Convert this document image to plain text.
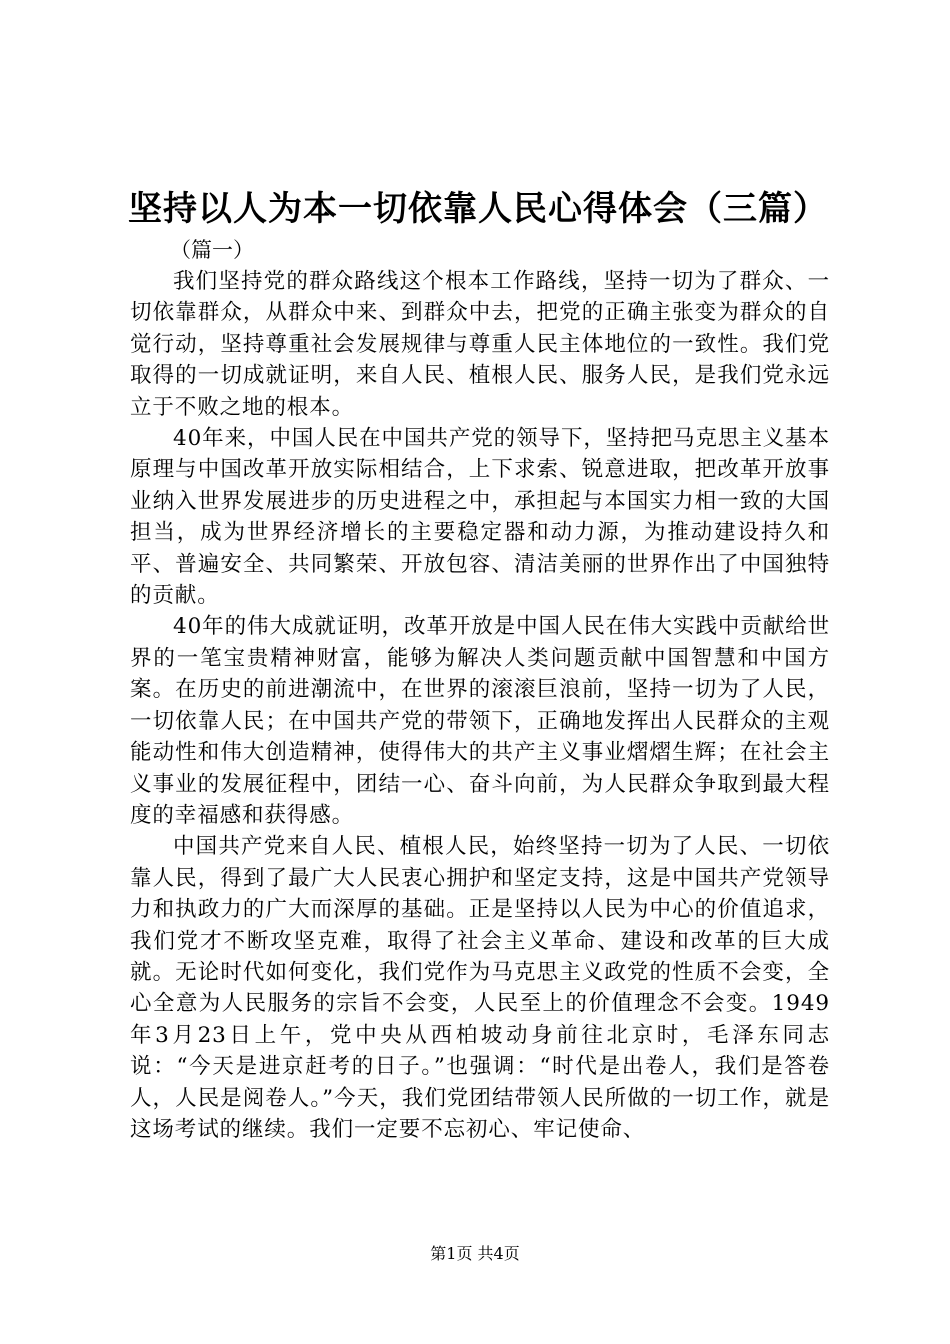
坚持以人为本一切依靠人民心得体会（三篇）
（篇一）

我们坚持党的群众路线这个根本工作路线，坚持一切为了群众、一切依靠群众，从群众中来、到群众中去，把党的正确主张变为群众的自觉行动，坚持尊重社会发展规律与尊重人民主体地位的一致性。我们党取得的一切成就证明，来自人民、植根人民、服务人民，是我们党永远立于不败之地的根本。

40年来，中国人民在中国共产党的领导下，坚持把马克思主义基本原理与中国改革开放实际相结合，上下求索、锐意进取，把改革开放事业纳入世界发展进步的历史进程之中，承担起与本国实力相一致的大国担当，成为世界经济增长的主要稳定器和动力源，为推动建设持久和平、普遍安全、共同繁荣、开放包容、清洁美丽的世界作出了中国独特的贡献。

40年的伟大成就证明，改革开放是中国人民在伟大实践中贡献给世界的一笔宝贵精神财富，能够为解决人类问题贡献中国智慧和中国方案。在历史的前进潮流中，在世界的滚滚巨浪前，坚持一切为了人民，一切依靠人民；在中国共产党的带领下，正确地发挥出人民群众的主观能动性和伟大创造精神，使得伟大的共产主义事业熠熠生辉；在社会主义事业的发展征程中，团结一心、奋斗向前，为人民群众争取到最大程度的幸福感和获得感。

中国共产党来自人民、植根人民，始终坚持一切为了人民、一切依靠人民，得到了最广大人民衷心拥护和坚定支持，这是中国共产党领导力和执政力的广大而深厚的基础。正是坚持以人民为中心的价值追求，我们党才不断攻坚克难，取得了社会主义革命、建设和改革的巨大成就。无论时代如何变化，我们党作为马克思主义政党的性质不会变，全心全意为人民服务的宗旨不会变，人民至上的价值理念不会变。1949年3月23日上午，党中央从西柏坡动身前往北京时，毛泽东同志说：“今天是进京赶考的日子。”也强调：“时代是出卷人，我们是答卷人，人民是阅卷人。”今天，我们党团结带领人民所做的一切工作，就是这场考试的继续。我们一定要不忘初心、牢记使命、

第1页 共4页
